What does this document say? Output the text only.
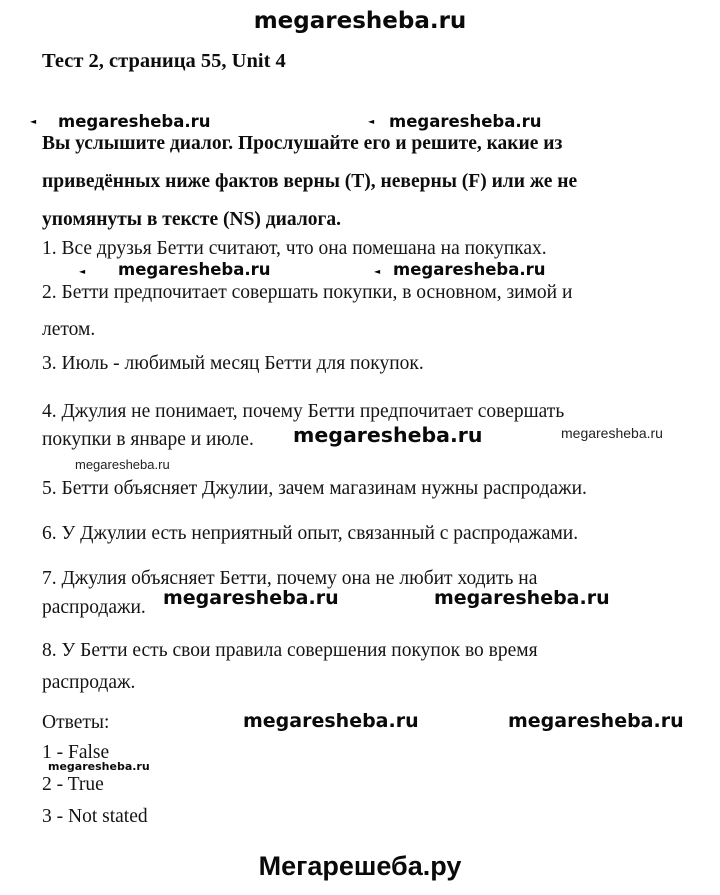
megaresheba.ru
Тест 2, страница 55, Unit 4
◄ megaresheba.ru	◄ megaresheba.ru
Вы услышите диалог. Прослушайте его и решите, какие из
приведённых ниже фактов верны (Т), неверны (F) или же не
упомянуты в тексте (NS) диалога.
1. Все друзья Бетти считают, что она помешана на покупках.
◄ megaresheba.ru	◄ megaresheba.ru
2. Бетти предпочитает совершать покупки, в основном, зимой и
летом.
3. Июль - любимый месяц Бетти для покупок.
4. Джулия не понимает, почему Бетти предпочитает совершать
покупки в январе и июле. megaresheba.ru	megaresheba.ru
megaresheba.ru
5. Бетти объясняет Джулии, зачем магазинам нужны распродажи.
6. У Джулии есть неприятный опыт, связанный с распродажами.
7. Джулия объясняет Бетти, почему она не любит ходить на
распродажи. megaresheba.ru	megaresheba.ru
8. У Бетти есть свои правила совершения покупок во время
распродаж.
Ответы:	megaresheba.ru	megaresheba.ru
1 - False
megaresheba.ru
2 - True
3 - Not stated
Мегарешеба.ру
